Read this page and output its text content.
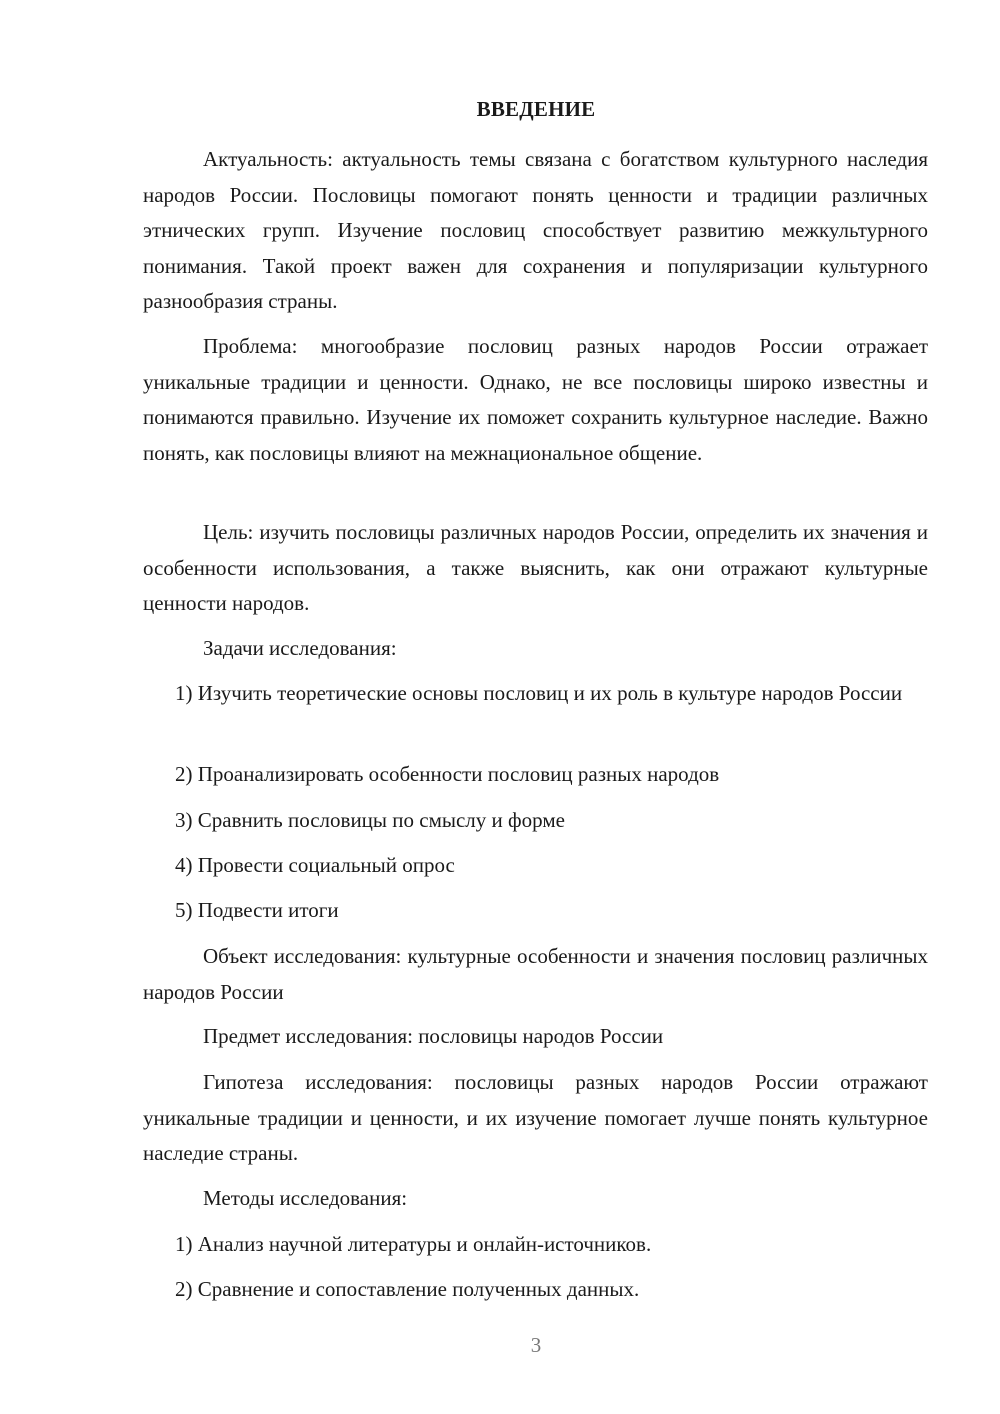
ВВЕДЕНИЕ

Актуальность: актуальность темы связана с богатством культурного наследия народов России. Пословицы помогают понять ценности и традиции различных этнических групп. Изучение пословиц способствует развитию межкультурного понимания. Такой проект важен для сохранения и популяризации культурного разнообразия страны.

Проблема: многообразие пословиц разных народов России отражает уникальные традиции и ценности. Однако, не все пословицы широко известны и понимаются правильно. Изучение их поможет сохранить культурное наследие. Важно понять, как пословицы влияют на межнациональное общение.

Цель: изучить пословицы различных народов России, определить их значения и особенности использования, а также выяснить, как они отражают культурные ценности народов.

Задачи исследования:

1) Изучить теоретические основы пословиц и их роль в культуре народов России

2) Проанализировать особенности пословиц разных народов

3) Сравнить пословицы по смыслу и форме

4) Провести социальный опрос

5) Подвести итоги

Объект исследования: культурные особенности и значения пословиц различных народов России

Предмет исследования: пословицы народов России

Гипотеза исследования: пословицы разных народов России отражают уникальные традиции и ценности, и их изучение помогает лучше понять культурное наследие страны.

Методы исследования:

1) Анализ научной литературы и онлайн-источников.

2) Сравнение и сопоставление полученных данных.

3
